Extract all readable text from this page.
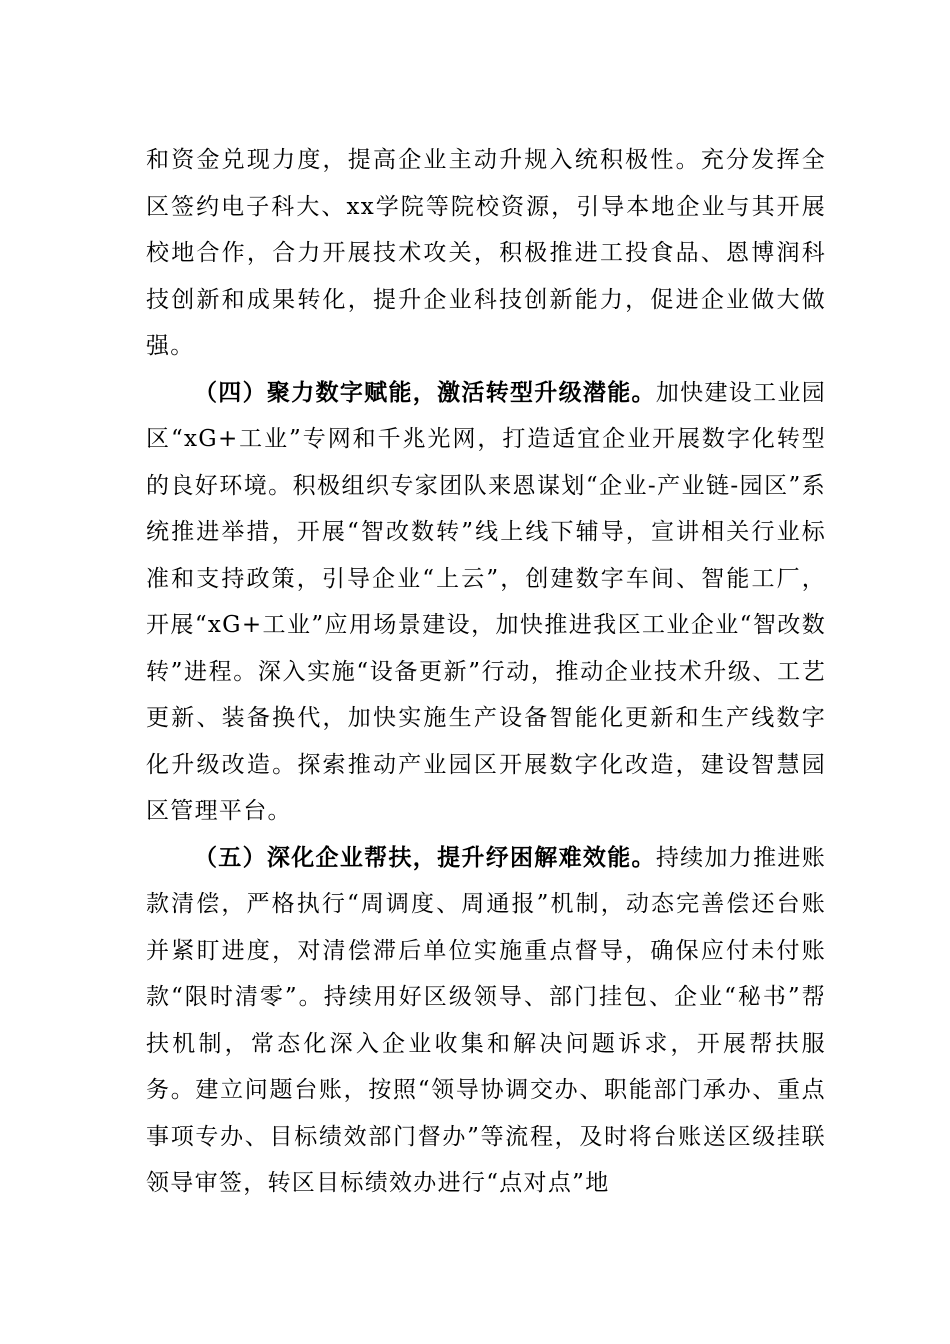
和资金兑现力度，提高企业主动升规入统积极性。充分发挥全区签约电子科大、xx学院等院校资源，引导本地企业与其开展校地合作，合力开展技术攻关，积极推进工投食品、恩博润科技创新和成果转化，提升企业科技创新能力，促进企业做大做强。

（四）聚力数字赋能，激活转型升级潜能。加快建设工业园区“xG+工业”专网和千兆光网，打造适宜企业开展数字化转型的良好环境。积极组织专家团队来恩谋划“企业-产业链-园区”系统推进举措，开展“智改数转”线上线下辅导，宣讲相关行业标准和支持政策，引导企业“上云”，创建数字车间、智能工厂，开展“xG+工业”应用场景建设，加快推进我区工业企业“智改数转”进程。深入实施“设备更新”行动，推动企业技术升级、工艺更新、装备换代，加快实施生产设备智能化更新和生产线数字化升级改造。探索推动产业园区开展数字化改造，建设智慧园区管理平台。

（五）深化企业帮扶，提升纾困解难效能。持续加力推进账款清偿，严格执行“周调度、周通报”机制，动态完善偿还台账并紧盯进度，对清偿滞后单位实施重点督导，确保应付未付账款“限时清零”。持续用好区级领导、部门挂包、企业“秘书”帮扶机制，常态化深入企业收集和解决问题诉求，开展帮扶服务。建立问题台账，按照“领导协调交办、职能部门承办、重点事项专办、目标绩效部门督办”等流程，及时将台账送区级挂联领导审签，转区目标绩效办进行“点对点”地
